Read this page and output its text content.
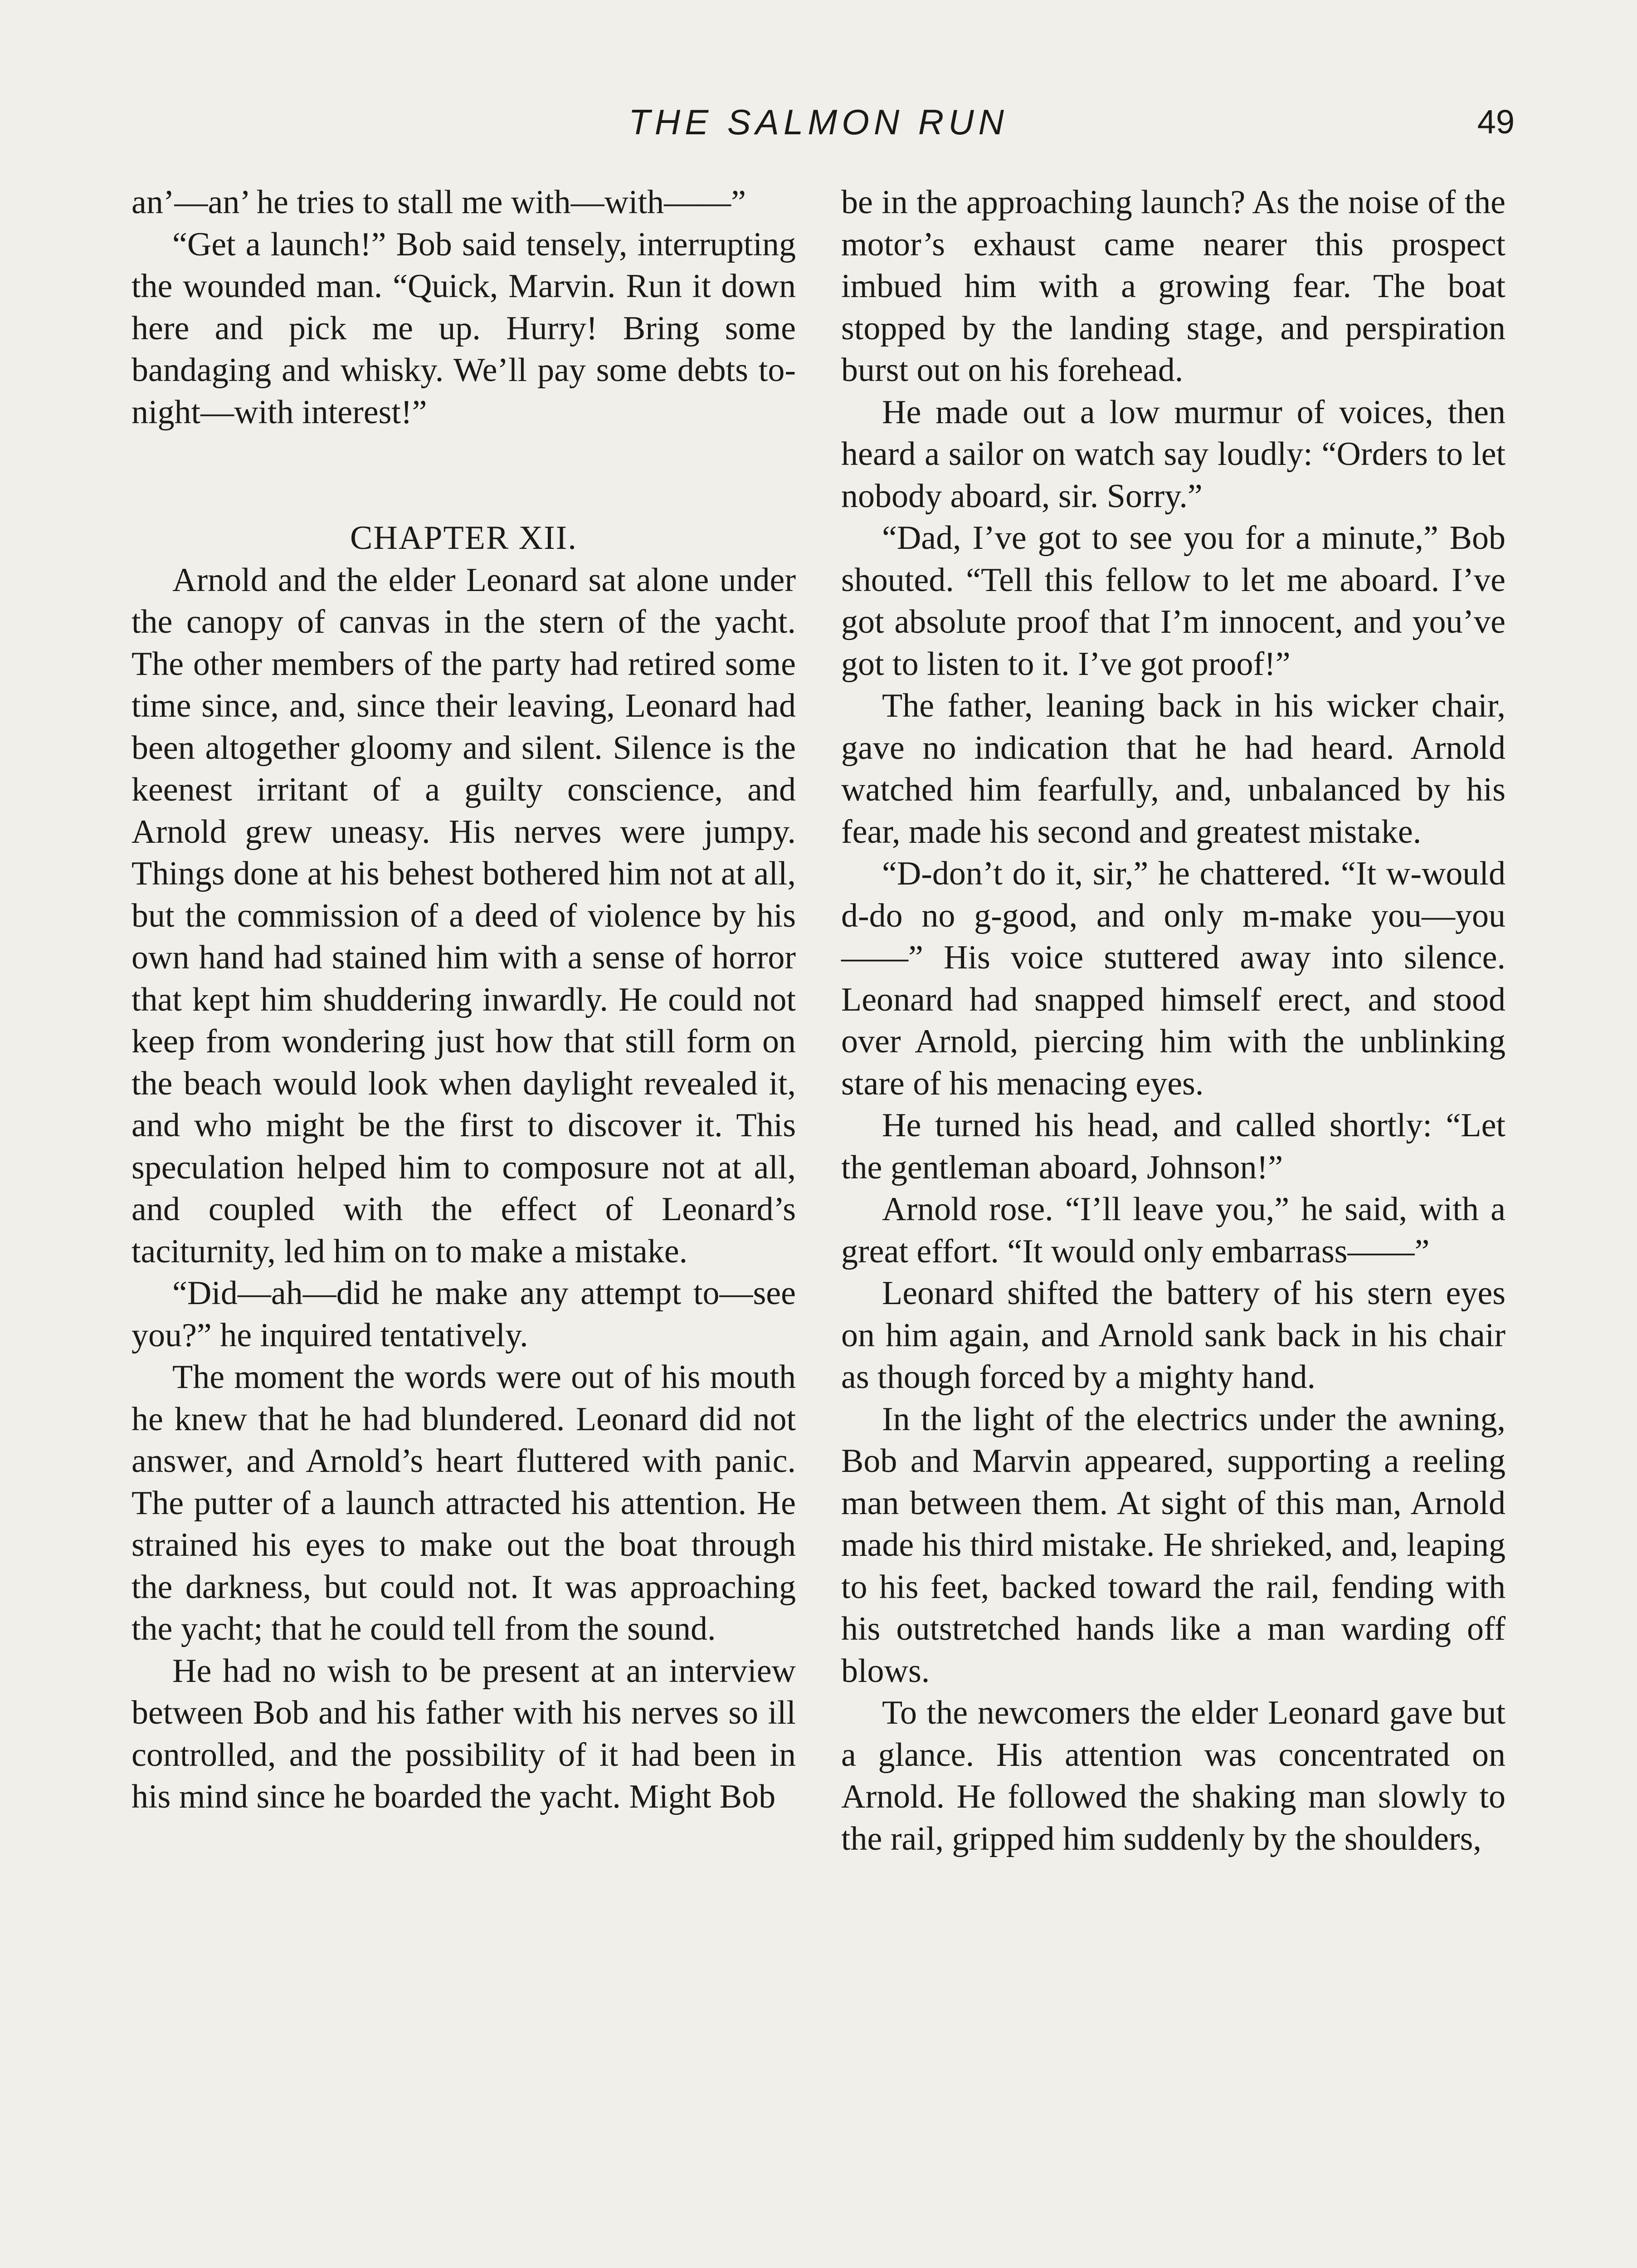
THE SALMON RUN	49

an’—an’ he tries to stall me with—with——”

“Get a launch!” Bob said tensely, interrupting the wounded man. “Quick, Marvin. Run it down here and pick me up. Hurry! Bring some bandaging and whisky. We’ll pay some debts to-night—with interest!”

CHAPTER XII.

Arnold and the elder Leonard sat alone under the canopy of canvas in the stern of the yacht. The other members of the party had retired some time since, and, since their leaving, Leonard had been altogether gloomy and silent. Silence is the keenest irritant of a guilty conscience, and Arnold grew uneasy. His nerves were jumpy. Things done at his behest bothered him not at all, but the commission of a deed of violence by his own hand had stained him with a sense of horror that kept him shuddering inwardly. He could not keep from wondering just how that still form on the beach would look when daylight revealed it, and who might be the first to discover it. This speculation helped him to composure not at all, and coupled with the effect of Leonard’s taciturnity, led him on to make a mistake.

“Did—ah—did he make any attempt to—see you?” he inquired tentatively.

The moment the words were out of his mouth he knew that he had blundered. Leonard did not answer, and Arnold’s heart fluttered with panic. The putter of a launch attracted his attention. He strained his eyes to make out the boat through the darkness, but could not. It was approaching the yacht; that he could tell from the sound.

He had no wish to be present at an interview between Bob and his father with his nerves so ill controlled, and the possibility of it had been in his mind since he boarded the yacht. Might Bob

be in the approaching launch? As the noise of the motor’s exhaust came nearer this prospect imbued him with a growing fear. The boat stopped by the landing stage, and perspiration burst out on his forehead.

He made out a low murmur of voices, then heard a sailor on watch say loudly: “Orders to let nobody aboard, sir. Sorry.”

“Dad, I’ve got to see you for a minute,” Bob shouted. “Tell this fellow to let me aboard. I’ve got absolute proof that I’m innocent, and you’ve got to listen to it. I’ve got proof!”

The father, leaning back in his wicker chair, gave no indication that he had heard. Arnold watched him fearfully, and, unbalanced by his fear, made his second and greatest mistake.

“D-don’t do it, sir,” he chattered. “It w-would d-do no g-good, and only m-make you—you——” His voice stuttered away into silence. Leonard had snapped himself erect, and stood over Arnold, piercing him with the unblinking stare of his menacing eyes.

He turned his head, and called shortly: “Let the gentleman aboard, Johnson!”

Arnold rose. “I’ll leave you,” he said, with a great effort. “It would only embarrass——”

Leonard shifted the battery of his stern eyes on him again, and Arnold sank back in his chair as though forced by a mighty hand.

In the light of the electrics under the awning, Bob and Marvin appeared, supporting a reeling man between them. At sight of this man, Arnold made his third mistake. He shrieked, and, leaping to his feet, backed toward the rail, fending with his outstretched hands like a man warding off blows.

To the newcomers the elder Leonard gave but a glance. His attention was concentrated on Arnold. He followed the shaking man slowly to the rail, gripped him suddenly by the shoulders,
